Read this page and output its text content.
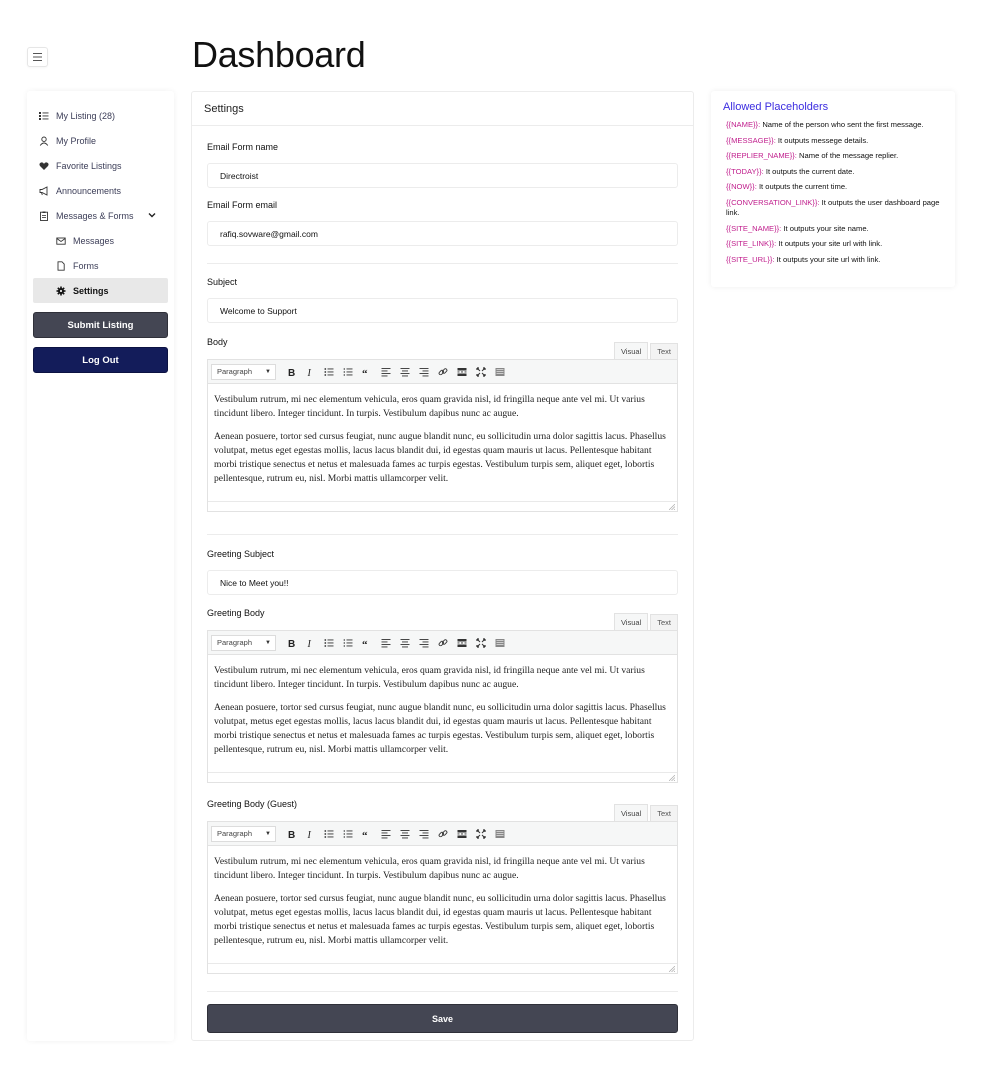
Dashboard
My Listing (28)
My Profile
Favorite Listings
Announcements
Messages & Forms
Messages
Forms
Settings
Submit Listing
Log Out
Settings
Email Form name
Directroist
Email Form email
rafiq.sovware@gmail.com
Subject
Welcome to Support
Body
Visual	Text
Paragraph ▼ B I	“

Vestibulum rutrum, mi nec elementum vehicula, eros quam gravida nisl, id fringilla neque ante vel mi. Ut varius tincidunt libero. Integer tincidunt. In turpis. Vestibulum dapibus nunc ac augue.

Aenean posuere, tortor sed cursus feugiat, nunc augue blandit nunc, eu sollicitudin urna dolor sagittis lacus. Phasellus volutpat, metus eget egestas mollis, lacus lacus blandit dui, id egestas quam mauris ut lacus. Pellentesque habitant morbi tristique senectus et netus et malesuada fames ac turpis egestas. Vestibulum turpis sem, aliquet eget, lobortis pellentesque, rutrum eu, nisl. Morbi mattis ullamcorper velit.

Greeting Subject
Nice to Meet you!!
Greeting Body
Visual	Text
Paragraph ▼ B I	“

Vestibulum rutrum, mi nec elementum vehicula, eros quam gravida nisl, id fringilla neque ante vel mi. Ut varius tincidunt libero. Integer tincidunt. In turpis. Vestibulum dapibus nunc ac augue.

Aenean posuere, tortor sed cursus feugiat, nunc augue blandit nunc, eu sollicitudin urna dolor sagittis lacus. Phasellus volutpat, metus eget egestas mollis, lacus lacus blandit dui, id egestas quam mauris ut lacus. Pellentesque habitant morbi tristique senectus et netus et malesuada fames ac turpis egestas. Vestibulum turpis sem, aliquet eget, lobortis pellentesque, rutrum eu, nisl. Morbi mattis ullamcorper velit.

Greeting Body (Guest)
Visual	Text
Paragraph ▼ B I	“

Vestibulum rutrum, mi nec elementum vehicula, eros quam gravida nisl, id fringilla neque ante vel mi. Ut varius tincidunt libero. Integer tincidunt. In turpis. Vestibulum dapibus nunc ac augue.

Aenean posuere, tortor sed cursus feugiat, nunc augue blandit nunc, eu sollicitudin urna dolor sagittis lacus. Phasellus volutpat, metus eget egestas mollis, lacus lacus blandit dui, id egestas quam mauris ut lacus. Pellentesque habitant morbi tristique senectus et netus et malesuada fames ac turpis egestas. Vestibulum turpis sem, aliquet eget, lobortis pellentesque, rutrum eu, nisl. Morbi mattis ullamcorper velit.

Save
Allowed Placeholders
{{NAME}}: Name of the person who sent the first message.
{{MESSAGE}}: It outputs messege details.
{{REPLIER_NAME}}: Name of the message replier.
{{TODAY}}: It outputs the current date.
{{NOW}}: It outputs the current time.
{{CONVERSATION_LINK}}: It outputs the user dashboard page link.
{{SITE_NAME}}: It outputs your site name.
{{SITE_LINK}}: It outputs your site url with link.
{{SITE_URL}}: It outputs your site url with link.
